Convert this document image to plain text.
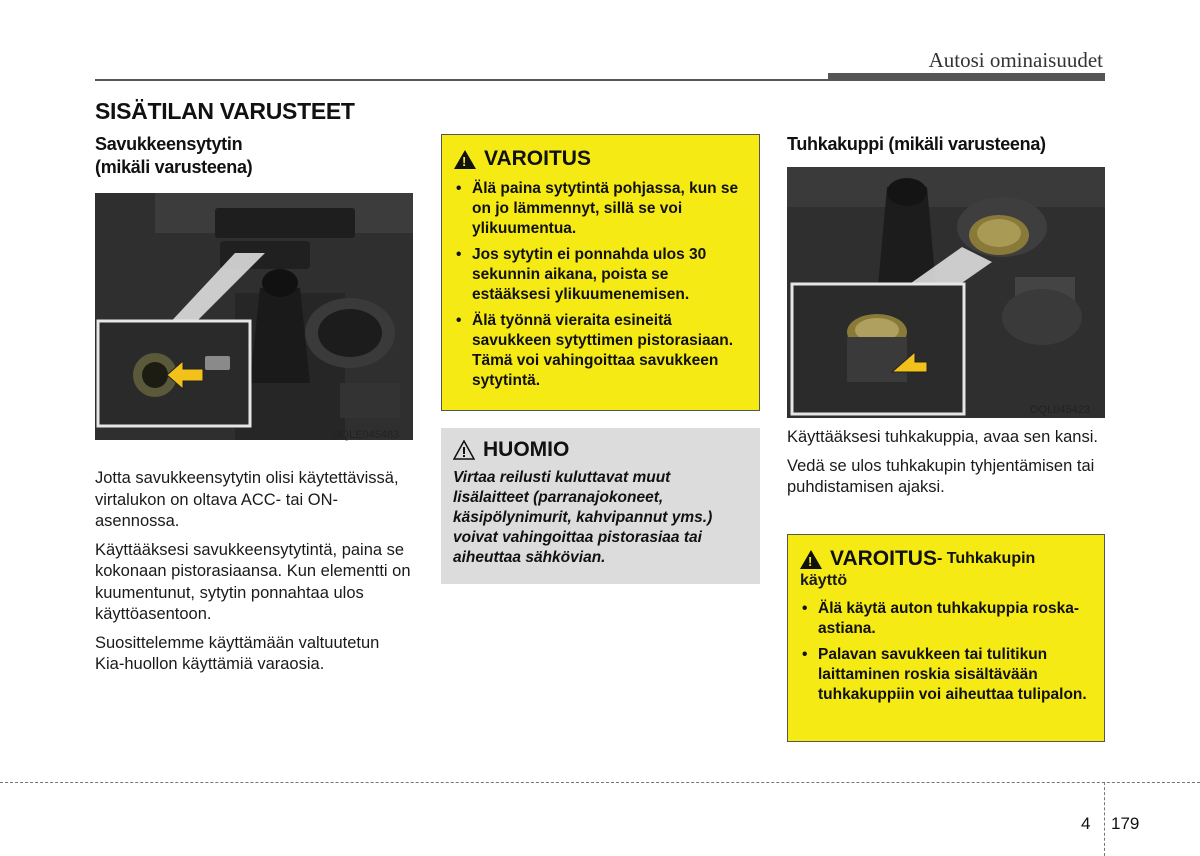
Autosi ominaisuudet
SISÄTILAN VARUSTEET

Savukkeensytytin

(mikäli varusteena)

OQLE045483

Jotta savukkeensytytin olisi käytettävissä, virtalukon on oltava ACC- tai ON-asennossa.

Käyttääksesi savukkeensytytintä, paina se kokonaan pistorasiaansa. Kun elementti on kuumentunut, sytytin ponnahtaa ulos käyttöasentoon.

Suosittelemme käyttämään valtuutetun Kia-huollon käyttämiä varaosia.

!
VAROITUS
• Älä paina sytytintä pohjassa, kun se on jo lämmennyt, sillä se voi ylikuumentua.
• Jos sytytin ei ponnahda ulos 30 sekunnin aikana, poista se estääksesi ylikuumenemisen.
• Älä työnnä vieraita esineitä savukkeen sytyttimen pistorasiaan. Tämä voi vahingoittaa savukkeen sytytintä.
HUOMIO
Virtaa reilusti kuluttavat muut lisälaitteet (parranajokoneet, käsipölynimurit, kahvipannut yms.) voivat vahingoittaa pistorasiaa tai aiheuttaa sähkövian.

Tuhkakuppi (mikäli varusteena)

OQL045423

Käyttääksesi tuhkakuppia, avaa sen kansi.

Vedä se ulos tuhkakupin tyhjentämisen tai puhdistamisen ajaksi.

!
VAROITUS - Tuhkakupin
käyttö
• Älä käytä auton tuhkakuppia roska-astiana.
• Palavan savukkeen tai tulitikun laittaminen roskia sisältävään tuhkakuppiin voi aiheuttaa tulipalon.
4 179
